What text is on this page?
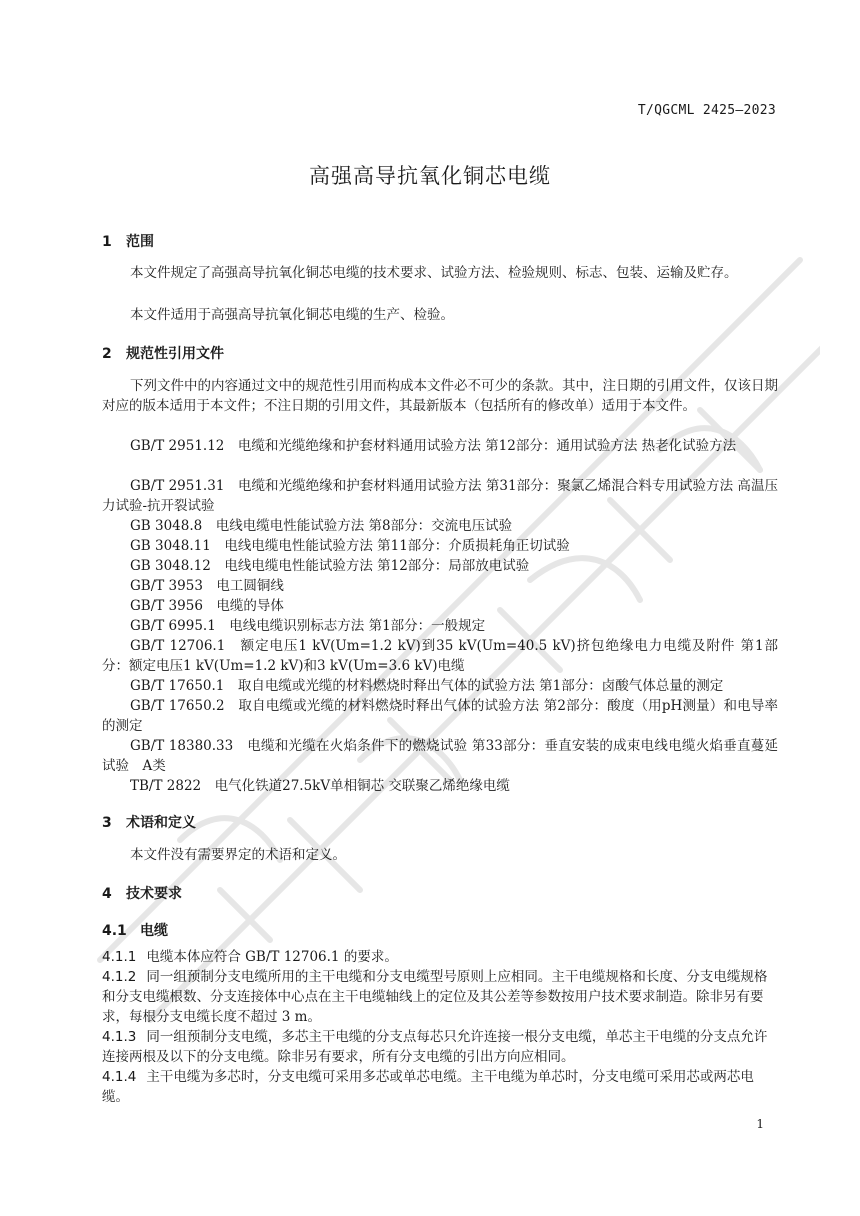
T/QGCML 2425—2023
高强高导抗氧化铜芯电缆
1 范围
本文件规定了高强高导抗氧化铜芯电缆的技术要求、试验方法、检验规则、标志、包装、运输及贮存。
本文件适用于高强高导抗氧化铜芯电缆的生产、检验。
2 规范性引用文件
下列文件中的内容通过文中的规范性引用而构成本文件必不可少的条款。其中，注日期的引用文件，仅该日期对应的版本适用于本文件；不注日期的引用文件，其最新版本（包括所有的修改单）适用于本文件。
GB/T 2951.12　电缆和光缆绝缘和护套材料通用试验方法 第12部分：通用试验方法 热老化试验方法
GB/T 2951.31　电缆和光缆绝缘和护套材料通用试验方法 第31部分：聚氯乙烯混合料专用试验方法 高温压力试验-抗开裂试验
GB 3048.8　电线电缆电性能试验方法 第8部分：交流电压试验
GB 3048.11　电线电缆电性能试验方法 第11部分：介质损耗角正切试验
GB 3048.12　电线电缆电性能试验方法 第12部分：局部放电试验
GB/T 3953　电工圆铜线
GB/T 3956　电缆的导体
GB/T 6995.1　电线电缆识别标志方法 第1部分：一般规定
GB/T 12706.1　额定电压1 kV(Um=1.2 kV)到35 kV(Um=40.5 kV)挤包绝缘电力电缆及附件 第1部分：额定电压1 kV(Um=1.2 kV)和3 kV(Um=3.6 kV)电缆
GB/T 17650.1　取自电缆或光缆的材料燃烧时释出气体的试验方法 第1部分：卤酸气体总量的测定
GB/T 17650.2　取自电缆或光缆的材料燃烧时释出气体的试验方法 第2部分：酸度（用pH测量）和电导率的测定
GB/T 18380.33　电缆和光缆在火焰条件下的燃烧试验 第33部分：垂直安装的成束电线电缆火焰垂直蔓延试验　A类
TB/T 2822　电气化铁道27.5kV单相铜芯 交联聚乙烯绝缘电缆
3 术语和定义
本文件没有需要界定的术语和定义。
4 技术要求
4.1 电缆
4.1.1 电缆本体应符合 GB/T 12706.1 的要求。
4.1.2 同一组预制分支电缆所用的主干电缆和分支电缆型号原则上应相同。主干电缆规格和长度、分支电缆规格和分支电缆根数、分支连接体中心点在主干电缆轴线上的定位及其公差等参数按用户技术要求制造。除非另有要求，每根分支电缆长度不超过 3 m。
4.1.3 同一组预制分支电缆，多芯主干电缆的分支点每芯只允许连接一根分支电缆，单芯主干电缆的分支点允许连接两根及以下的分支电缆。除非另有要求，所有分支电缆的引出方向应相同。
4.1.4 主干电缆为多芯时，分支电缆可采用多芯或单芯电缆。主干电缆为单芯时，分支电缆可采用芯或两芯电缆。
1
